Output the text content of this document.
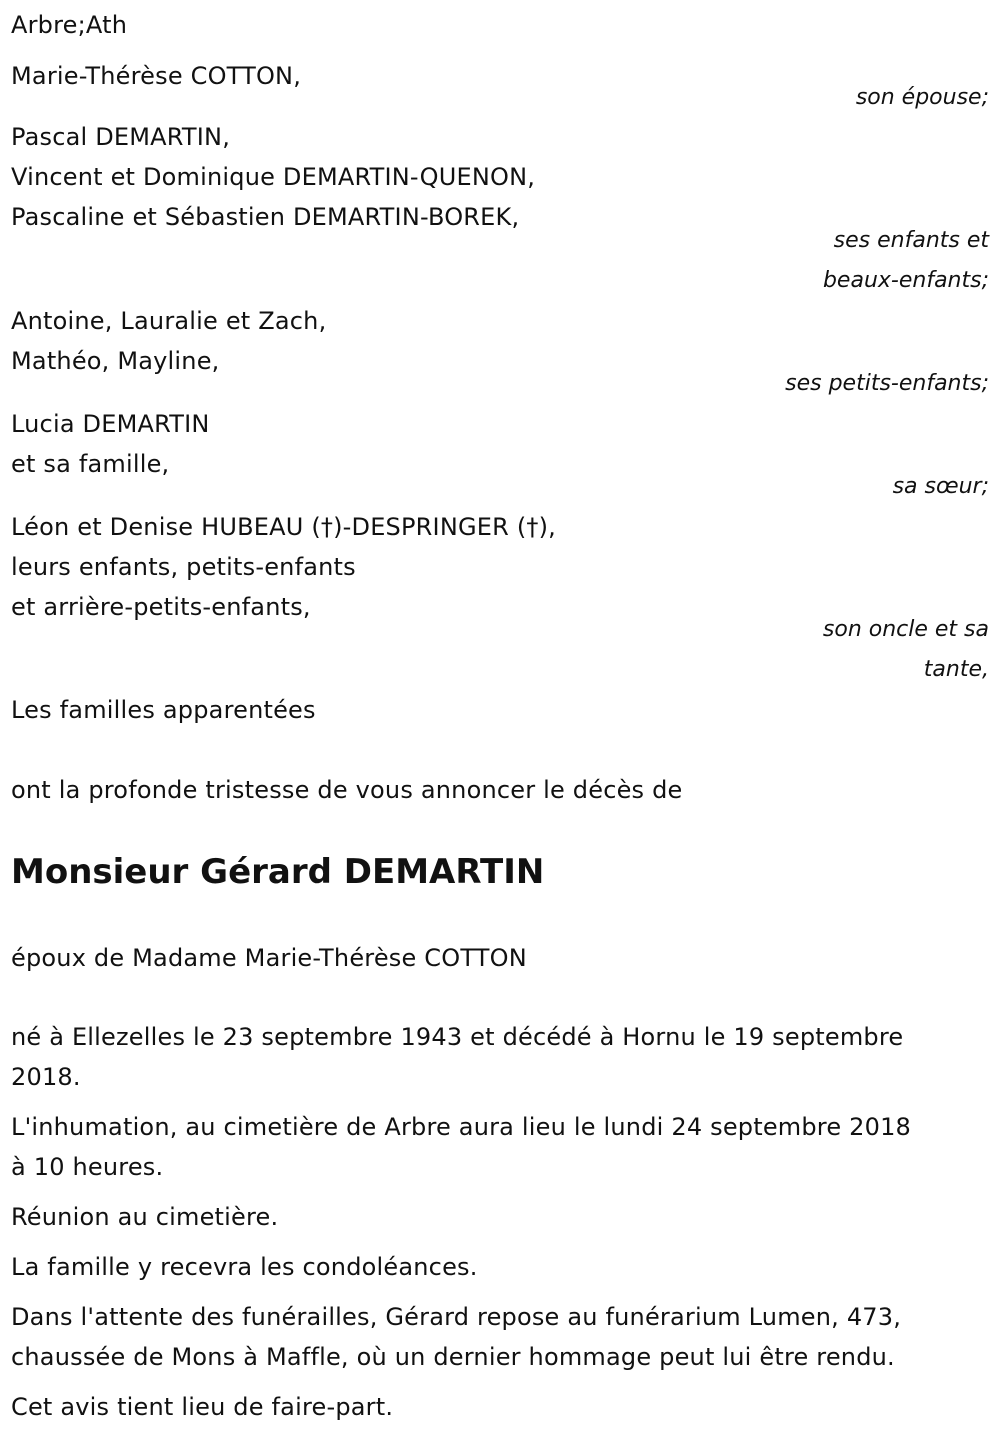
Arbre;Ath
Marie-Thérèse COTTON,
son épouse;
Pascal DEMARTIN,
Vincent et Dominique DEMARTIN-QUENON,
Pascaline et Sébastien DEMARTIN-BOREK,
ses enfants et
beaux-enfants;
Antoine, Lauralie et Zach,
Mathéo, Mayline,
ses petits-enfants;
Lucia DEMARTIN
et sa famille,
sa sœur;
Léon et Denise HUBEAU (†)-DESPRINGER (†),
leurs enfants, petits-enfants
et arrière-petits-enfants,
son oncle et sa
tante,
Les familles apparentées
ont la profonde tristesse de vous annoncer le décès de
Monsieur Gérard DEMARTIN
époux de Madame Marie-Thérèse COTTON
né à Ellezelles le 23 septembre 1943 et décédé à Hornu le 19 septembre
2018.
L'inhumation, au cimetière de Arbre aura lieu le lundi 24 septembre 2018
à 10 heures.
Réunion au cimetière.
La famille y recevra les condoléances.
Dans l'attente des funérailles, Gérard repose au funérarium Lumen, 473,
chaussée de Mons à Maffle, où un dernier hommage peut lui être rendu.
Cet avis tient lieu de faire-part.
